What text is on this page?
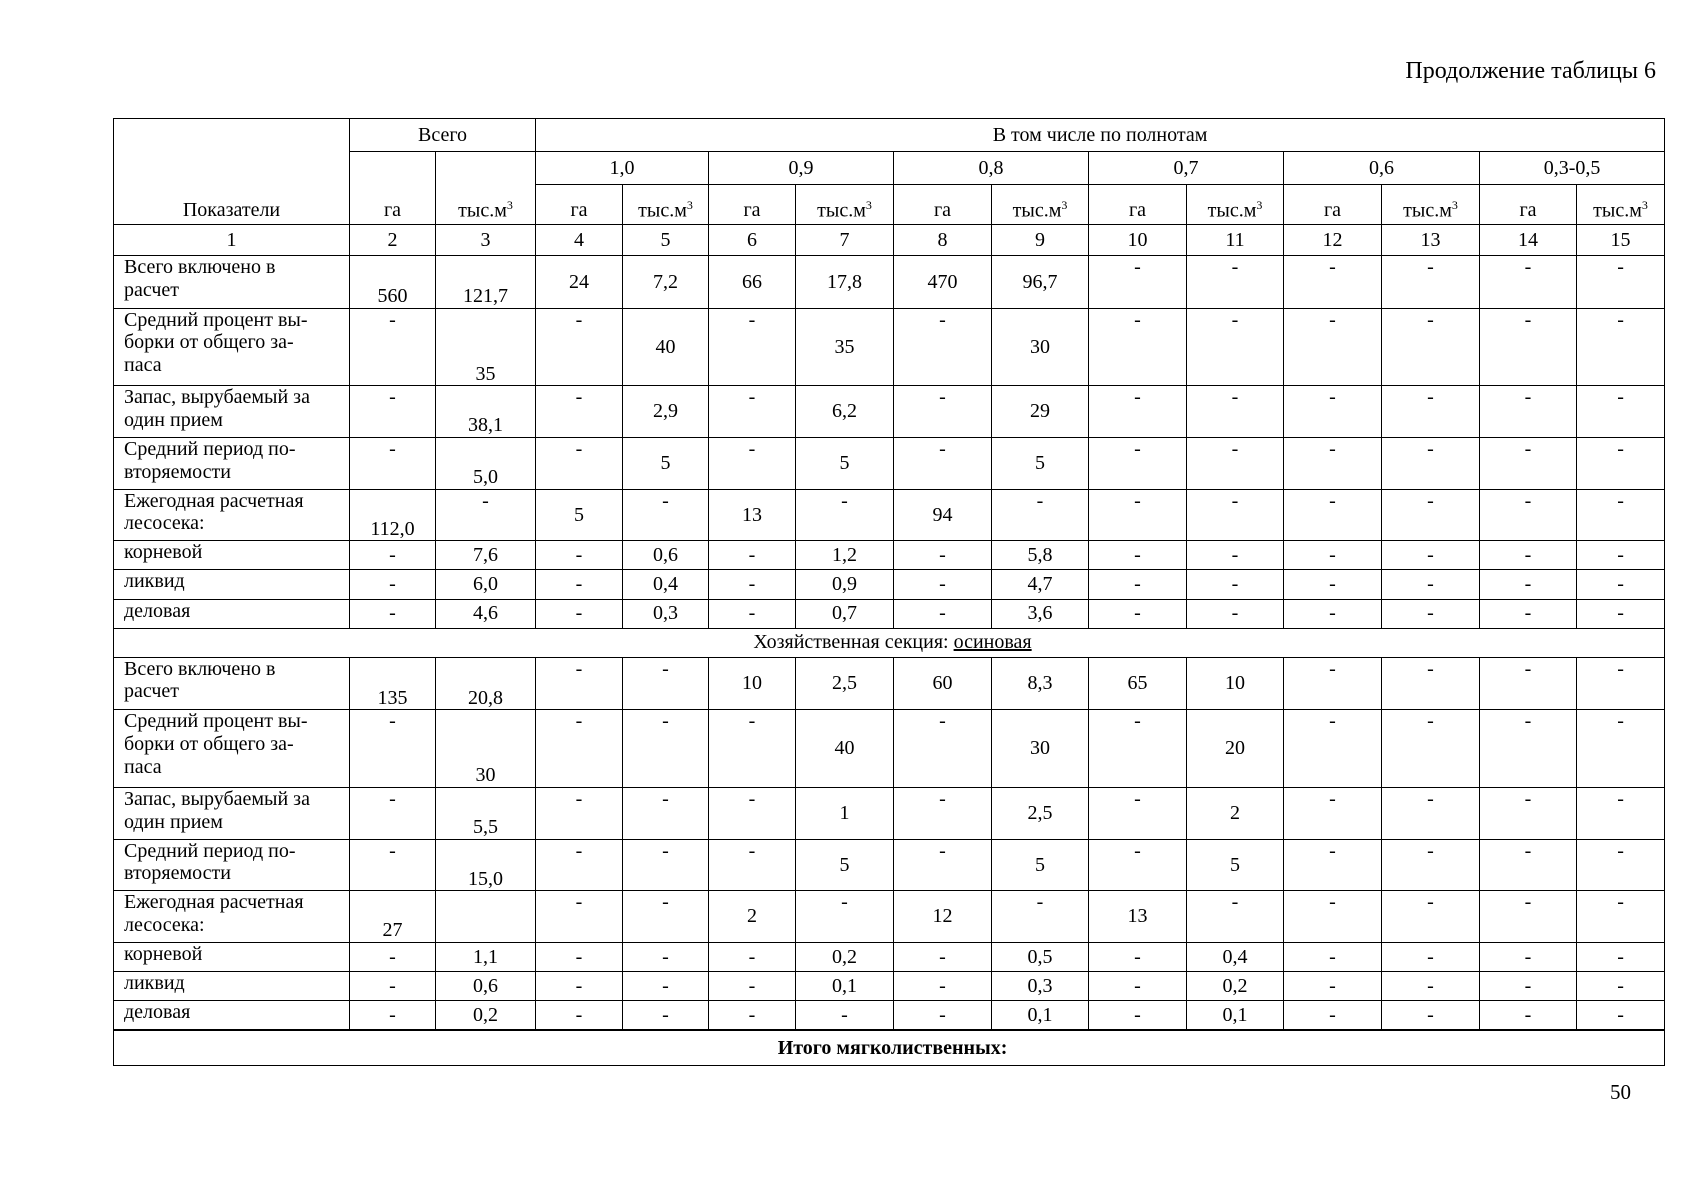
Продолжение таблицы 6
Показатели	Всего		В том числе по полнотам											
	га	$тыс.м^3$	1,0		0,9		0,8		0,7		0,6		0,3-0,5	
			га	$тыс.м^3$	га	$тыс.м^3$	га	$тыс.м^3$	га	$тыс.м^3$	га	$тыс.м^3$	га	$тыс.м^3$
1	2	3	4	5	6	7	8	9	10	11	12	13	14	15
Всего включено в
расчет	560	121,7	24	7,2	66	17,8	470	96,7	-	-	-	-	-	-
Средний процент вы-
борки от общего за-
паса	-	35	-	40	-	35	-	30	-	-	-	-	-	-
Запас, вырубаемый за
один прием	-	38,1	-	2,9	-	6,2	-	29	-	-	-	-	-	-
Средний период по-
вторяемости	-	5,0	-	5	-	5	-	5	-	-	-	-	-	-
Ежегодная расчетная
лесосека:	112,0	-	5	-	13	-	94	-	-	-	-	-	-	-
корневой	-	7,6	-	0,6	-	1,2	-	5,8	-	-	-	-	-	-
ликвид	-	6,0	-	0,4	-	0,9	-	4,7	-	-	-	-	-	-
деловая	-	4,6	-	0,3	-	0,7	-	3,6	-	-	-	-	-	-
Хозяйственная секция: осиновая														
Всего включено в
расчет	135	20,8	-	-	10	2,5	60	8,3	65	10	-	-	-	-
Средний процент вы-
борки от общего за-
паса	-	30	-	-	-	40	-	30	-	20	-	-	-	-
Запас, вырубаемый за
один прием	-	5,5	-	-	-	1	-	2,5	-	2	-	-	-	-
Средний период по-
вторяемости	-	15,0	-	-	-	5	-	5	-	5	-	-	-	-
Ежегодная расчетная
лесосека:	27		-	-	2	-	12	-	13	-	-	-	-	-
корневой	-	1,1	-	-	-	0,2	-	0,5	-	0,4	-	-	-	-
ликвид	-	0,6	-	-	-	0,1	-	0,3	-	0,2	-	-	-	-
деловая	-	0,2	-	-	-	-	-	0,1	-	0,1	-	-	-	-
Итого мягколиственных:														
50
